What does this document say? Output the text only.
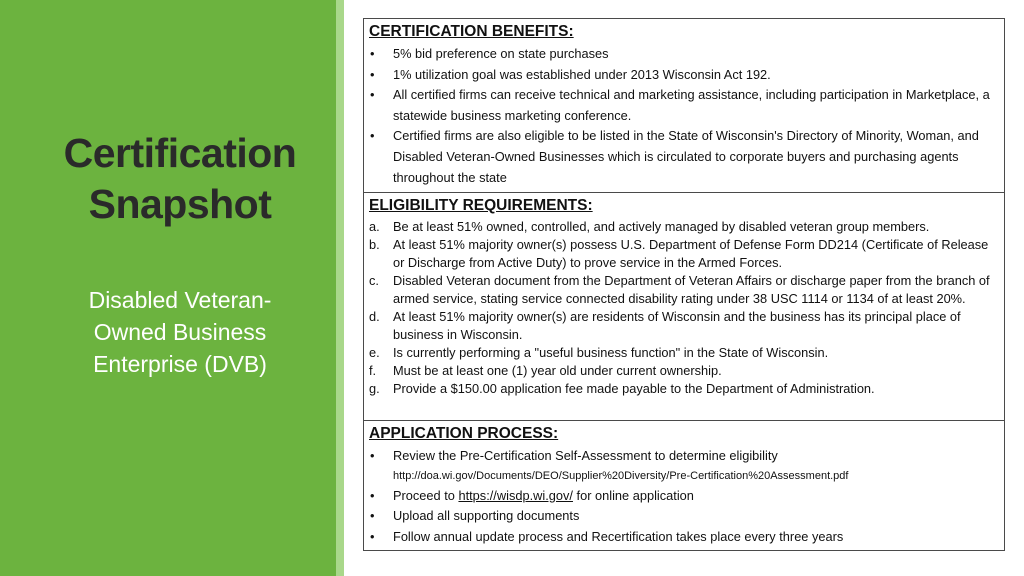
Certification
Snapshot
Disabled Veteran-
Owned Business
Enterprise (DVB)
CERTIFICATION BENEFITS:
• 5% bid preference on state purchases
• 1% utilization goal was established under 2013 Wisconsin Act 192.
• All certified firms can receive technical and marketing assistance, including participation in Marketplace, a statewide business marketing conference.
• Certified firms are also eligible to be listed in the State of Wisconsin's Directory of Minority, Woman, and Disabled Veteran-Owned Businesses which is circulated to corporate buyers and purchasing agents throughout the state
ELIGIBILITY REQUIREMENTS:
a. Be at least 51% owned, controlled, and actively managed by disabled veteran group members.
b. At least 51% majority owner(s) possess U.S. Department of Defense Form DD214 (Certificate of Release or Discharge from Active Duty) to prove service in the Armed Forces.
c. Disabled Veteran document from the Department of Veteran Affairs or discharge paper from the branch of armed service, stating service connected disability rating under 38 USC 1114 or 1134 of at least 20%.
d. At least 51% majority owner(s) are residents of Wisconsin and the business has its principal place of business in Wisconsin.
e. Is currently performing a "useful business function" in the State of Wisconsin.
f. Must be at least one (1) year old under current ownership.
g. Provide a $150.00 application fee made payable to the Department of Administration.
APPLICATION PROCESS:
• Review the Pre-Certification Self-Assessment to determine eligibility
http://doa.wi.gov/Documents/DEO/Supplier%20Diversity/Pre-Certification%20Assessment.pdf
• Proceed to https://wisdp.wi.gov/ for online application
• Upload all supporting documents
• Follow annual update process and Recertification takes place every three years
